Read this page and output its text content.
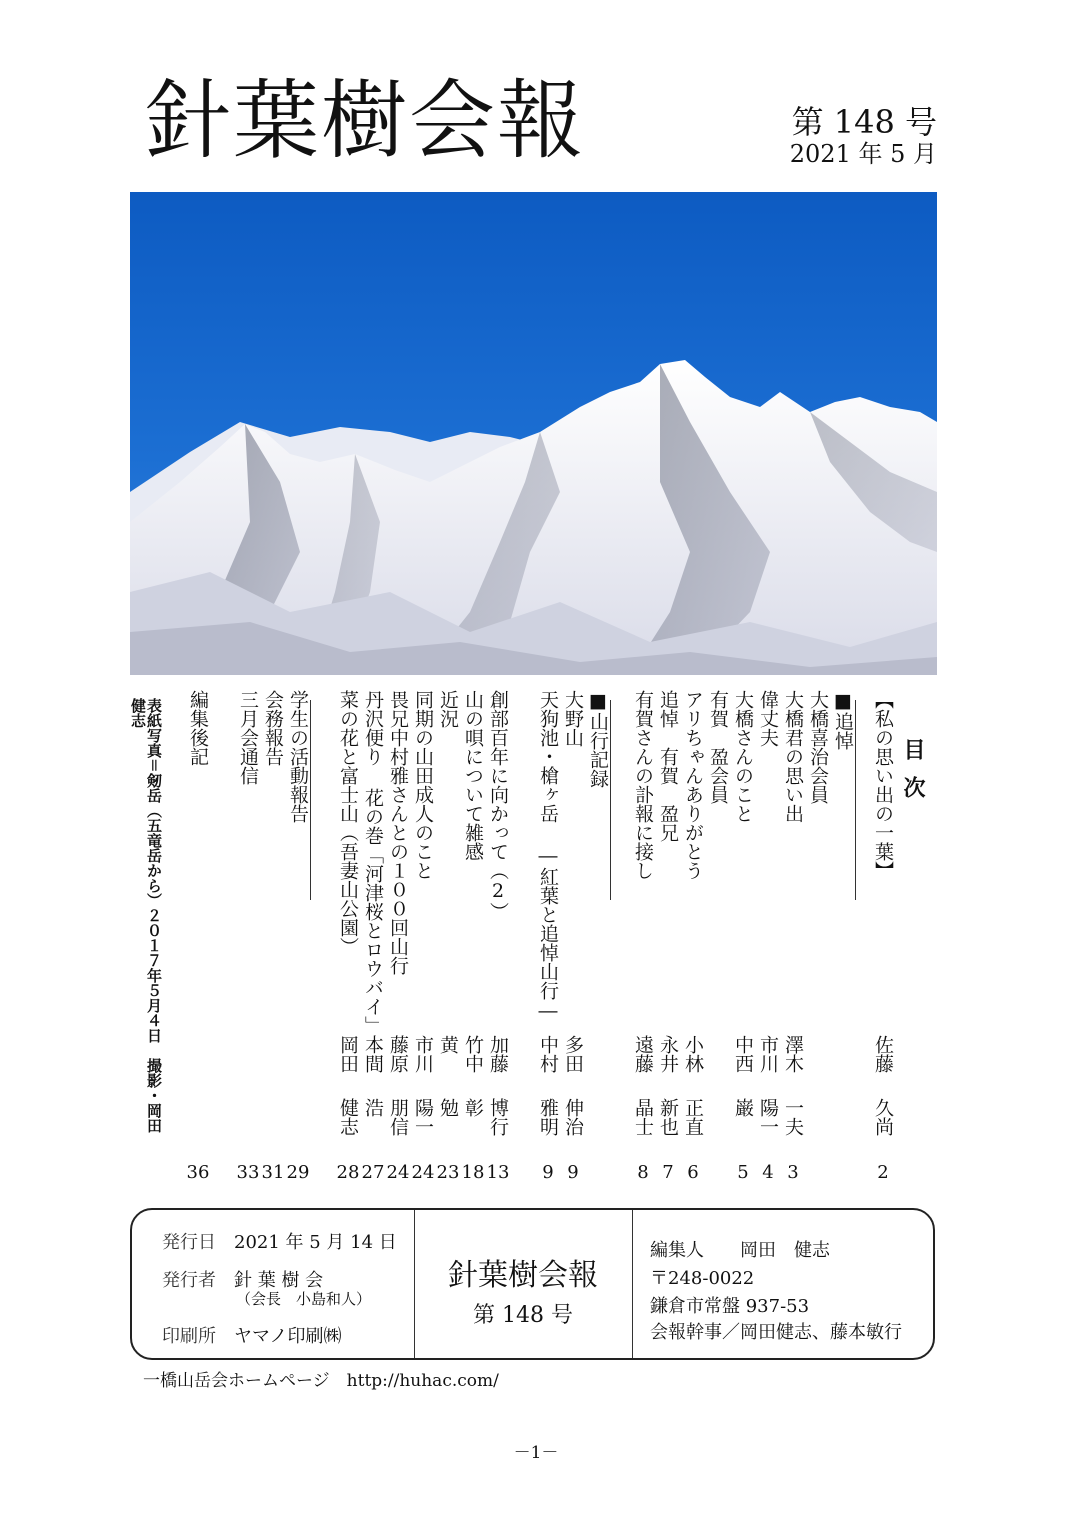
針葉樹会報	第 148 号
2021 年 5 月
目次
【私の思い出の一葉】
佐藤
久尚
2
■追悼
大橋喜治会員
大橋君の思い出
澤木
一夫
3
偉丈夫
市川
陽一
4
大橋さんのこと
中西
巌
5
有賀　盈会員
アリちゃんありがとう
小林
正直
6
追悼　有賀　盈兄
永井
新也
7
有賀さんの訃報に接し
遠藤
晶士
8
■山行記録
大野山
多田
伸治
9
天狗池・槍ヶ岳 ―紅葉と追悼山行―
中村
雅明
9
創部百年に向かって（2）
加藤
博行
13
山の唄について雑感
竹中
彰
18
近況
黄
勉
23
同期の山田成人のこと
市川
陽一
24
畏兄中村雅さんとの１００回山行
藤原
朋信
24
丹沢便り 花の巻「河津桜とロウバイ」
本間
浩
27
菜の花と富士山（吾妻山公園）
岡田
健志
28
学生の活動報告
29
会務報告
31
三月会通信
33
編集後記
36
表紙写真＝剱岳（五竜岳から）２０１７年５月４日　撮影・岡田健志
発行日 2021 年 5 月 14 日
発行者 針 葉 樹 会
（会長　小島和人）
印刷所 ヤマノ印刷㈱
針葉樹会報
第 148 号
編集人　　岡田　健志
〒248-0022
鎌倉市常盤 937-53
会報幹事／岡田健志、藤本敏行
一橋山岳会ホームページ　http://huhac.com/
－1－
